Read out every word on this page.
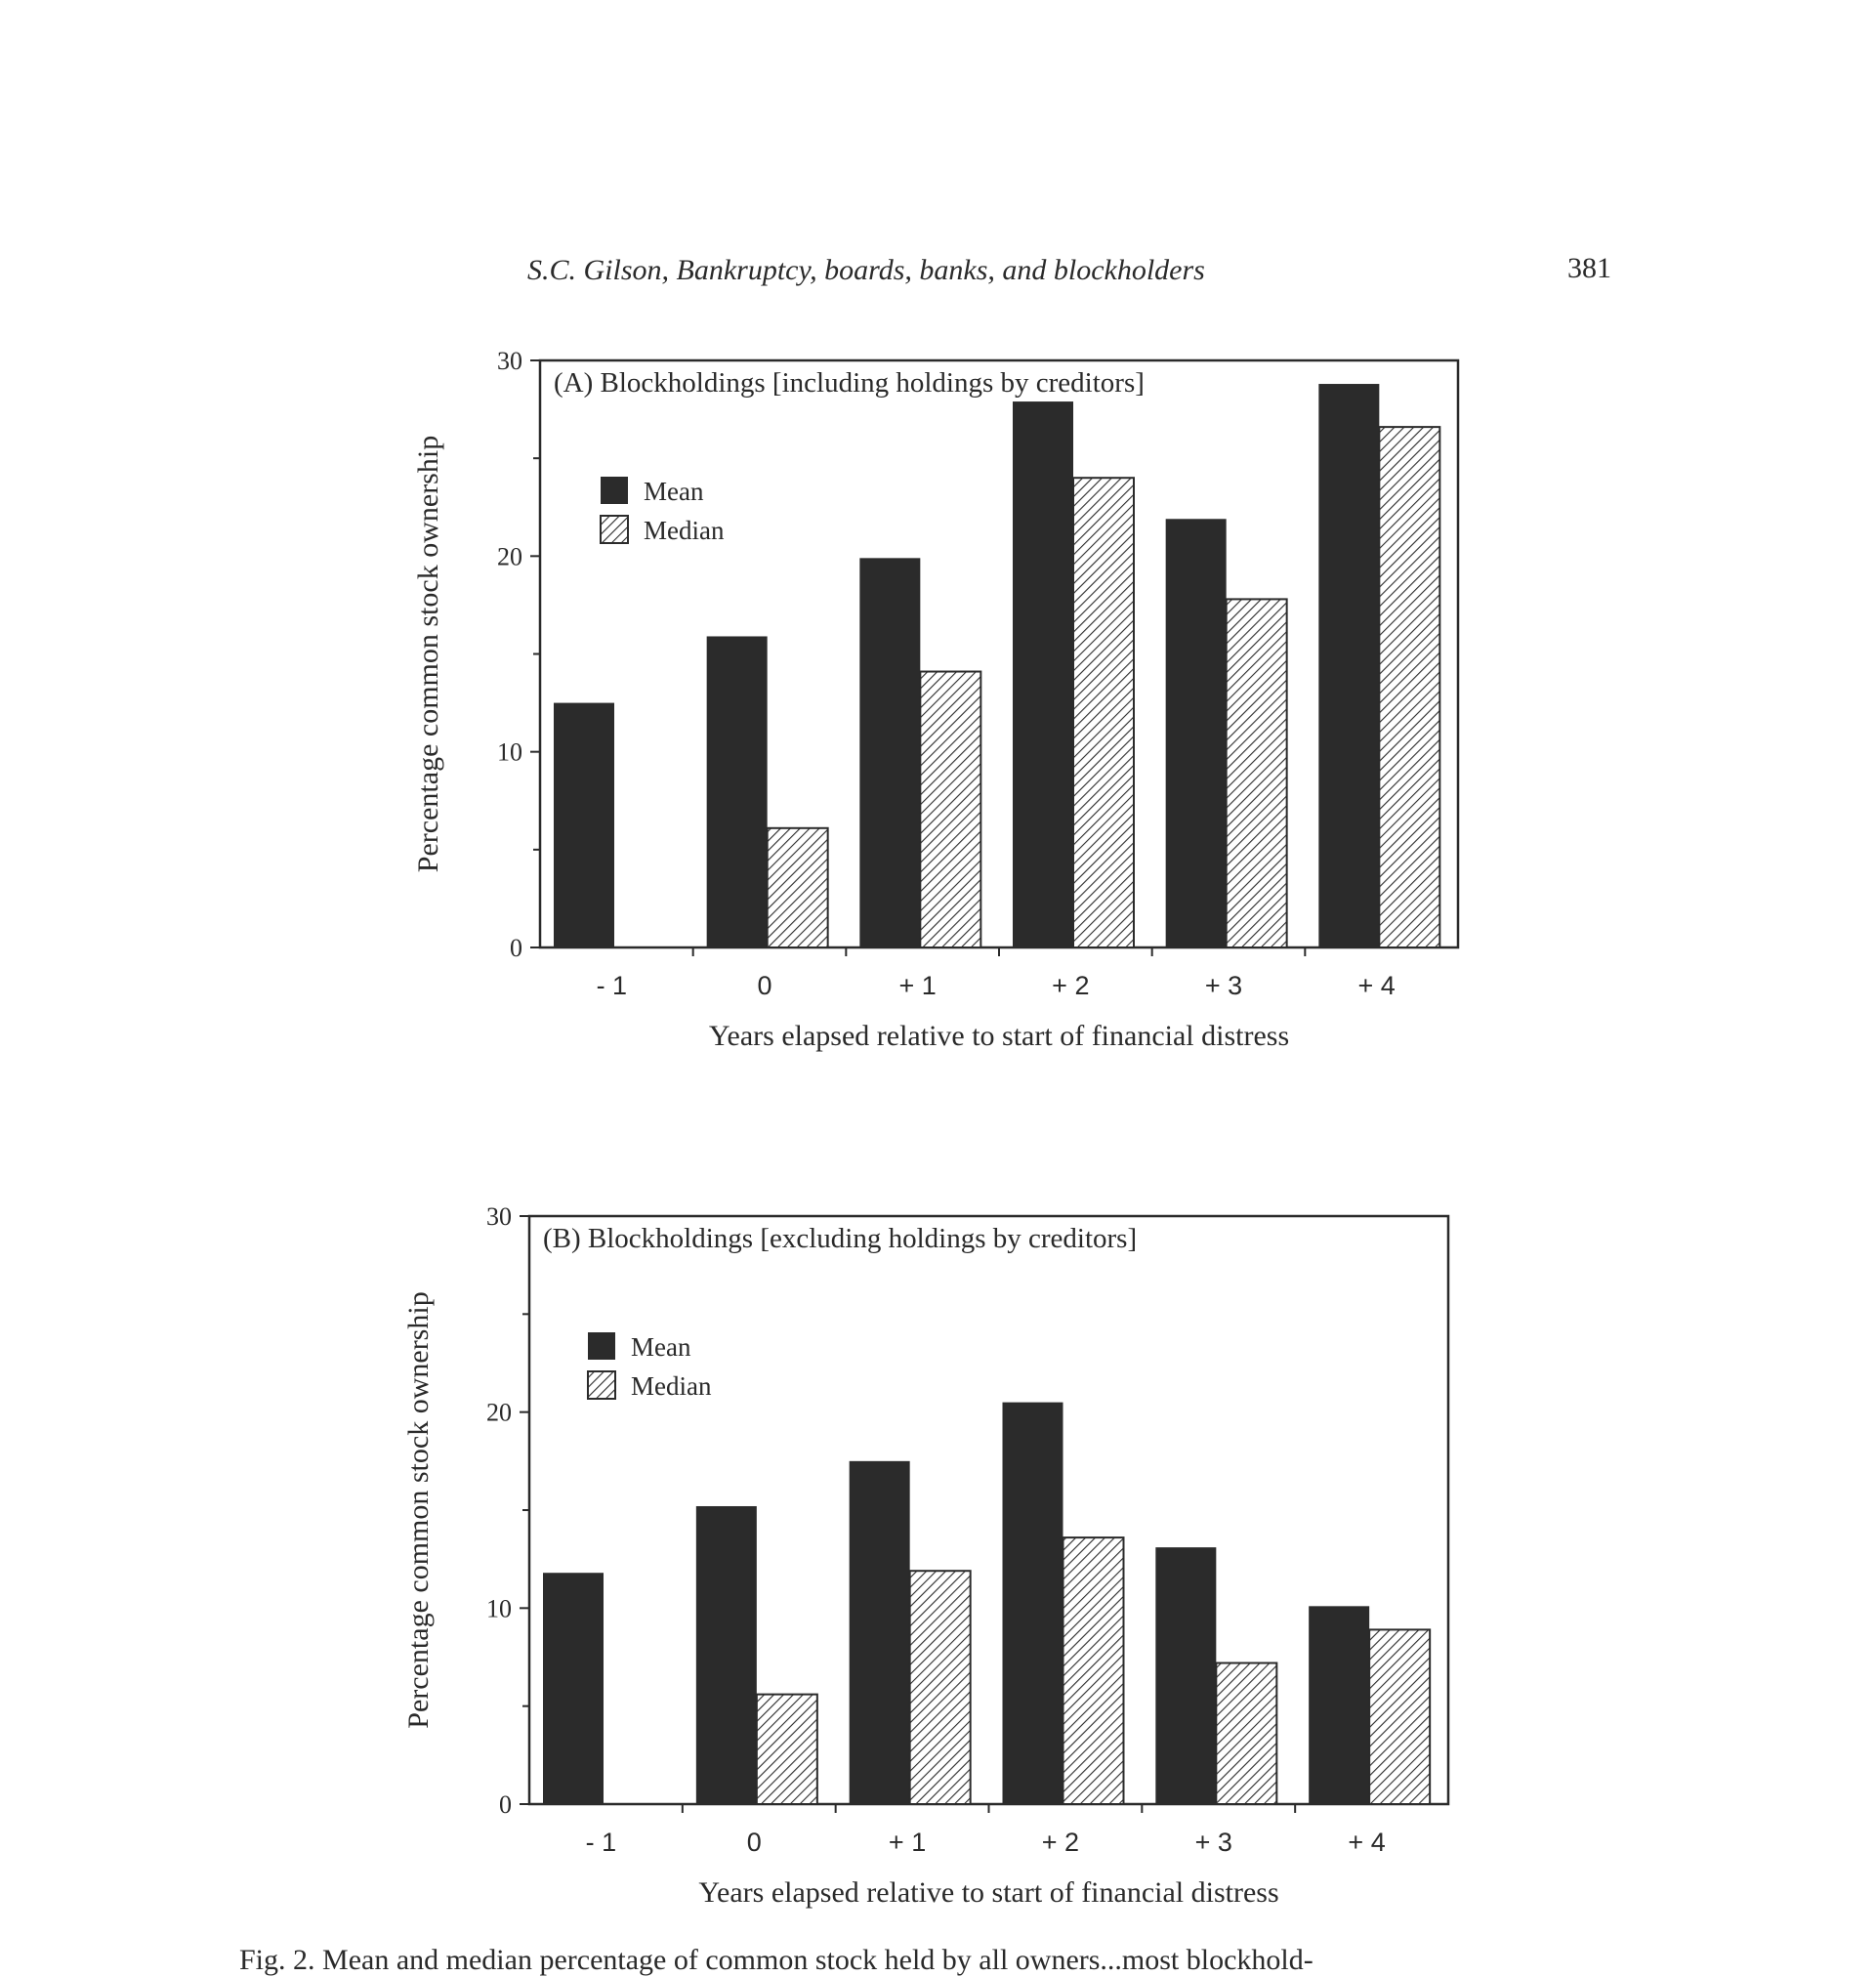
S.C. Gilson, Bankruptcy, boards, banks, and blockholders	381
0
10
20
30
- 1	0	+ 1	+ 2	+ 3	+ 4
(A) Blockholdings [including holdings by creditors]
Mean
Median
Years elapsed relative to start of financial distress
Percentage common stock ownership
0
10
20
30
- 1	0	+ 1	+ 2	+ 3	+ 4
(B) Blockholdings [excluding holdings by creditors]
Mean
Median
Years elapsed relative to start of financial distress
Percentage common stock ownership
Fig. 2. Mean and median percentage of common stock held by all owners...most blockhold-
